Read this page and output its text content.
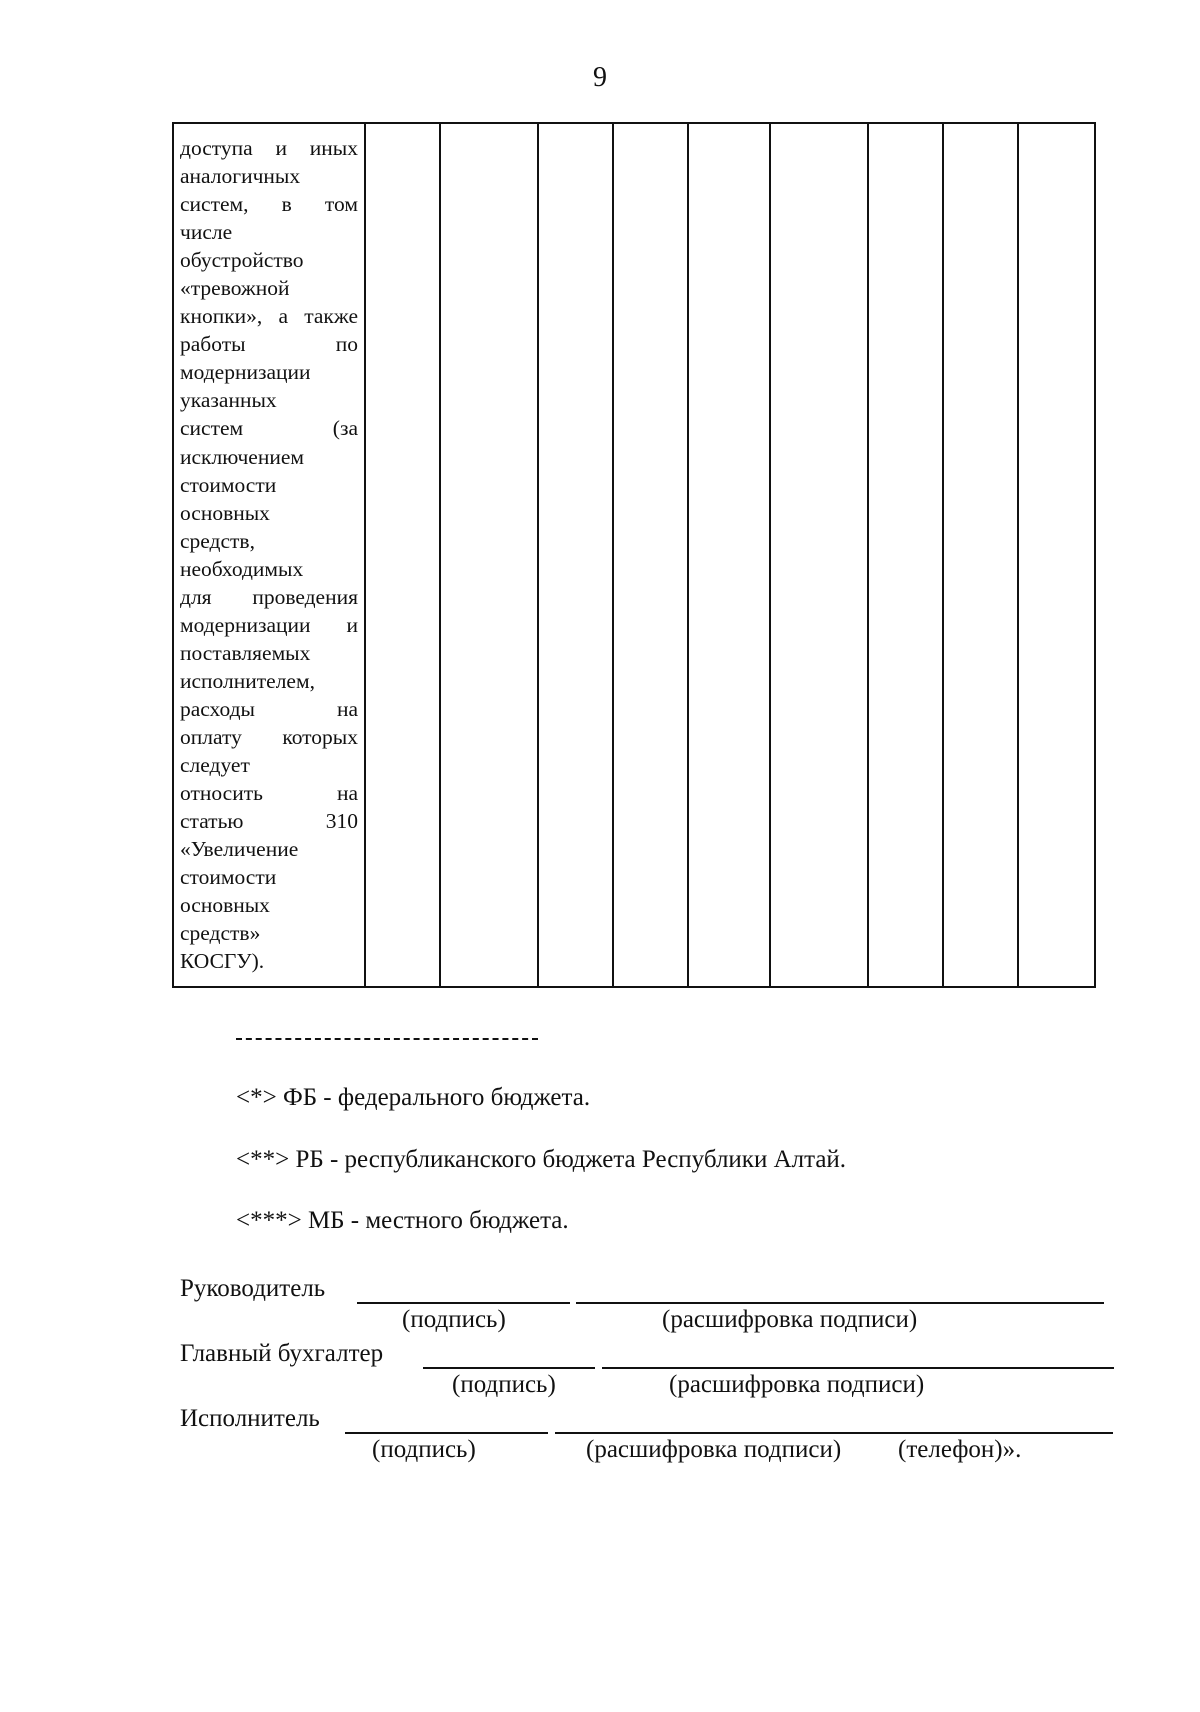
9
доступа и иных
аналогичных
систем, в том
числе
обустройство
«тревожной
кнопки», а также
работы по
модернизации
указанных
систем (за
исключением
стоимости
основных
средств,
необходимых
для проведения
модернизации и
поставляемых
исполнителем,
расходы на
оплату которых
следует
относить на
статью 310
«Увеличение
стоимости
основных
средств»
КОСГУ).
<*> ФБ - федерального бюджета.
<**> РБ - республиканского бюджета Республики Алтай.
<***> МБ - местного бюджета.
Руководитель
(подпись)	(расшифровка подписи)
Главный бухгалтер
(подпись)	(расшифровка подписи)
Исполнитель
(подпись)	(расшифровка подписи) (телефон)».
